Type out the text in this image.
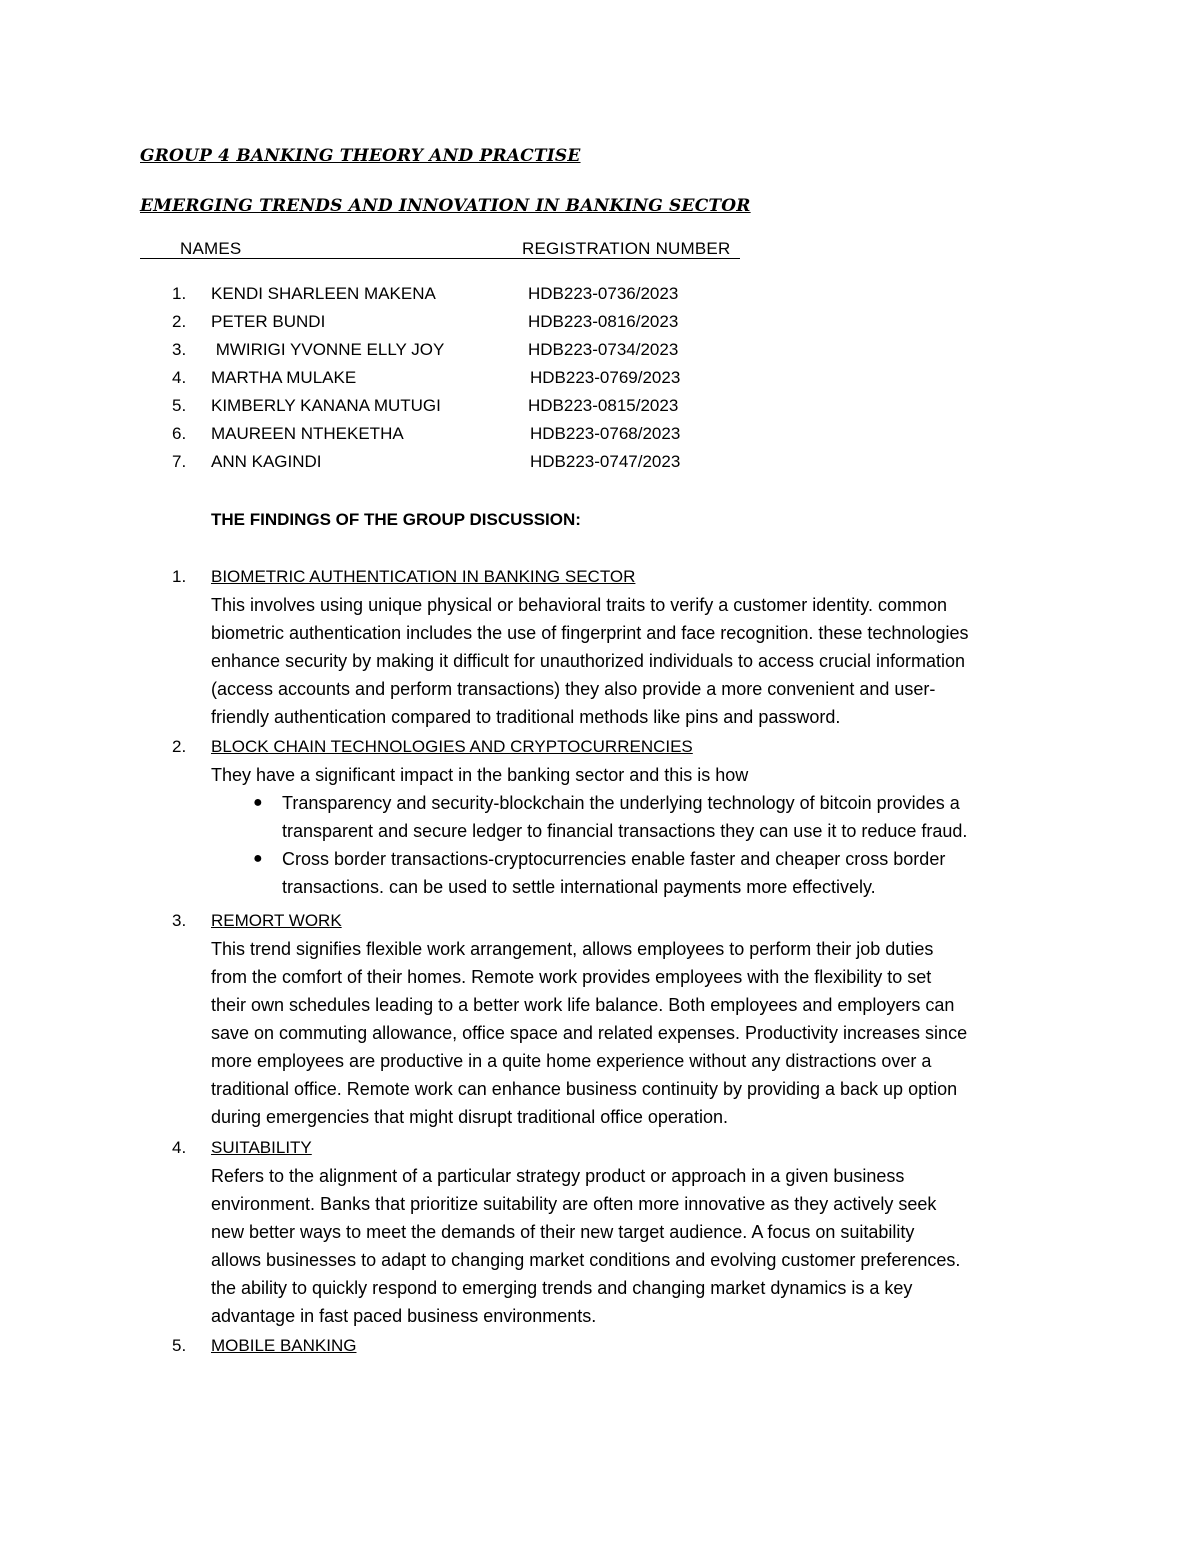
GROUP 4 BANKING THEORY AND PRACTISE
EMERGING TRENDS AND INNOVATION IN BANKING SECTOR
NAMES	REGISTRATION NUMBER
1. KENDI SHARLEEN MAKENA	HDB223-0736/2023
2. PETER BUNDI	HDB223-0816/2023
3. MWIRIGI YVONNE ELLY JOY	HDB223-0734/2023
4. MARTHA MULAKE	HDB223-0769/2023
5. KIMBERLY KANANA MUTUGI	HDB223-0815/2023
6. MAUREEN NTHEKETHA	HDB223-0768/2023
7. ANN KAGINDI	HDB223-0747/2023
THE FINDINGS OF THE GROUP DISCUSSION:
1. BIOMETRIC AUTHENTICATION IN BANKING SECTOR
This involves using unique physical or behavioral traits to verify a customer identity. common
biometric authentication includes the use of fingerprint and face recognition. these technologies
enhance security by making it difficult for unauthorized individuals to access crucial information
(access accounts and perform transactions) they also provide a more convenient and user-
friendly authentication compared to traditional methods like pins and password.
2. BLOCK CHAIN TECHNOLOGIES AND CRYPTOCURRENCIES
They have a significant impact in the banking sector and this is how
● Transparency and security-blockchain the underlying technology of bitcoin provides a
transparent and secure ledger to financial transactions they can use it to reduce fraud.
● Cross border transactions-cryptocurrencies enable faster and cheaper cross border
transactions. can be used to settle international payments more effectively.
3. REMORT WORK
This trend signifies flexible work arrangement, allows employees to perform their job duties
from the comfort of their homes. Remote work provides employees with the flexibility to set
their own schedules leading to a better work life balance. Both employees and employers can
save on commuting allowance, office space and related expenses. Productivity increases since
more employees are productive in a quite home experience without any distractions over a
traditional office. Remote work can enhance business continuity by providing a back up option
during emergencies that might disrupt traditional office operation.
4. SUITABILITY
Refers to the alignment of a particular strategy product or approach in a given business
environment. Banks that prioritize suitability are often more innovative as they actively seek
new better ways to meet the demands of their new target audience. A focus on suitability
allows businesses to adapt to changing market conditions and evolving customer preferences.
the ability to quickly respond to emerging trends and changing market dynamics is a key
advantage in fast paced business environments.
5. MOBILE BANKING
